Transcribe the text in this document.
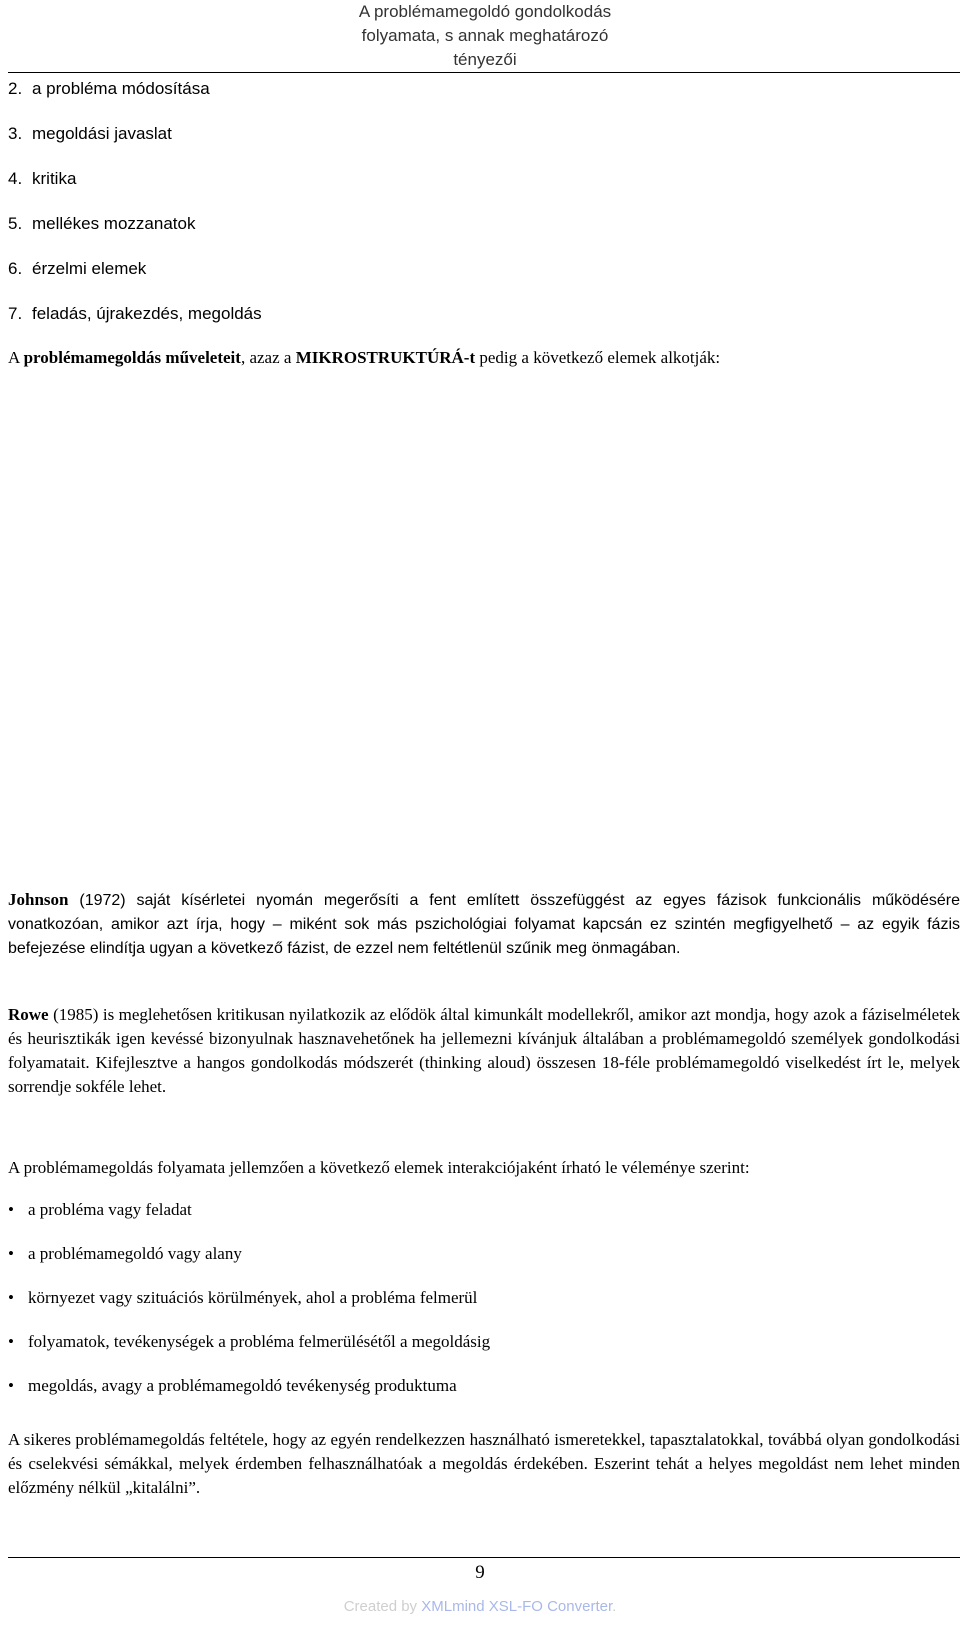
A problémamegoldó gondolkodás
folyamata, s annak meghatározó
tényezői
2. a probléma módosítása
3. megoldási javaslat
4. kritika
5. mellékes mozzanatok
6. érzelmi elemek
7. feladás, újrakezdés, megoldás

A problémamegoldás műveleteit, azaz a MIKROSTRUKTÚRÁ-t pedig a következő elemek alkotják:

Johnson (1972) saját kísérletei nyomán megerősíti a fent említett összefüggést az egyes fázisok funkcionális működésére vonatkozóan, amikor azt írja, hogy – miként sok más pszichológiai folyamat kapcsán ez szintén megfigyelhető – az egyik fázis befejezése elindítja ugyan a következő fázist, de ezzel nem feltétlenül szűnik meg önmagában.

Rowe (1985) is meglehetősen kritikusan nyilatkozik az elődök által kimunkált modellekről, amikor azt mondja, hogy azok a fáziselméletek és heurisztikák igen kevéssé bizonyulnak hasznavehetőnek ha jellemezni kívánjuk általában a problémamegoldó személyek gondolkodási folyamatait. Kifejlesztve a hangos gondolkodás módszerét (thinking aloud) összesen 18-féle problémamegoldó viselkedést írt le, melyek sorrendje sokféle lehet.

A problémamegoldás folyamata jellemzően a következő elemek interakciójaként írható le véleménye szerint:

• a probléma vagy feladat
• a problémamegoldó vagy alany
• környezet vagy szituációs körülmények, ahol a probléma felmerül
• folyamatok, tevékenységek a probléma felmerülésétől a megoldásig
• megoldás, avagy a problémamegoldó tevékenység produktuma

A sikeres problémamegoldás feltétele, hogy az egyén rendelkezzen használható ismeretekkel, tapasztalatokkal, továbbá olyan gondolkodási és cselekvési sémákkal, melyek érdemben felhasználhatóak a megoldás érdekében. Eszerint tehát a helyes megoldást nem lehet minden előzmény nélkül „kitalálni”.

9
Created by XMLmind XSL-FO Converter.
